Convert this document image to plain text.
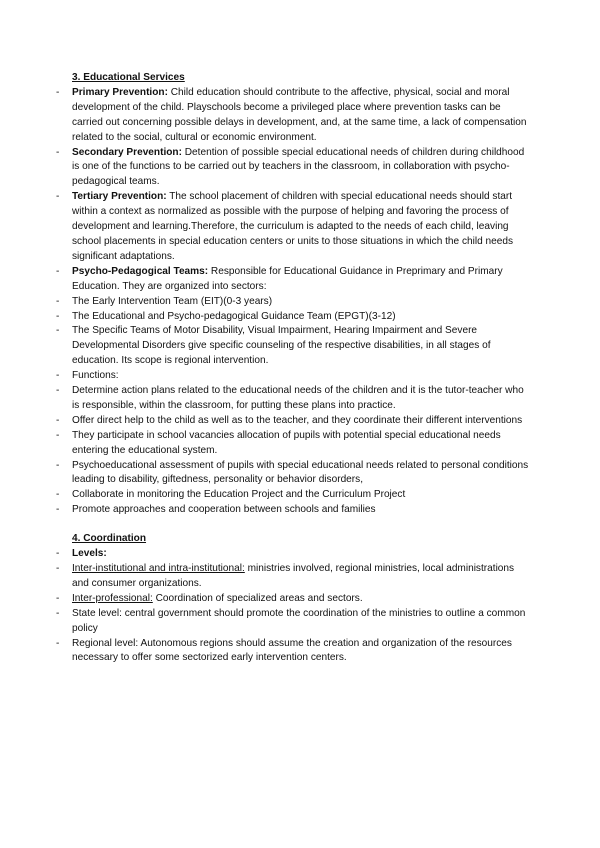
3. Educational Services

- Primary Prevention: Child education should contribute to the affective, physical, social and moral development of the child. Playschools become a privileged place where prevention tasks can be carried out concerning possible delays in development, and, at the same time, a lack of compensation related to the social, cultural or economic environment.
- Secondary Prevention: Detention of possible special educational needs of children during childhood is one of the functions to be carried out by teachers in the classroom, in collaboration with psycho-pedagogical teams.
- Tertiary Prevention: The school placement of children with special educational needs should start within a context as normalized as possible with the purpose of helping and favoring the process of development and learning.Therefore, the curriculum is adapted to the needs of each child, leaving school placements in special education centers or units to those situations in which the child needs significant adaptations.
- Psycho-Pedagogical Teams: Responsible for Educational Guidance in Preprimary and Primary Education. They are organized into sectors:
- The Early Intervention Team (EIT)(0-3 years)
- The Educational and Psycho-pedagogical Guidance Team (EPGT)(3-12)
- The Specific Teams of Motor Disability, Visual Impairment, Hearing Impairment and Severe Developmental Disorders give specific counseling of the respective disabilities, in all stages of education. Its scope is regional intervention.
- Functions:
- Determine action plans related to the educational needs of the children and it is the tutor-teacher who is responsible, within the classroom, for putting these plans into practice.
- Offer direct help to the child as well as to the teacher, and they coordinate their different interventions
- They participate in school vacancies allocation of pupils with potential special educational needs entering the educational system.
- Psychoeducational assessment of pupils with special educational needs related to personal conditions leading to disability, giftedness, personality or behavior disorders,
- Collaborate in monitoring the Education Project and the Curriculum Project
- Promote approaches and cooperation between schools and families

4. Coordination

- Levels:
- Inter-institutional and intra-institutional: ministries involved, regional ministries, local administrations and consumer organizations.
- Inter-professional: Coordination of specialized areas and sectors.
- State level: central government should promote the coordination of the ministries to outline a common policy
- Regional level: Autonomous regions should assume the creation and organization of the resources necessary to offer some sectorized early intervention centers.
